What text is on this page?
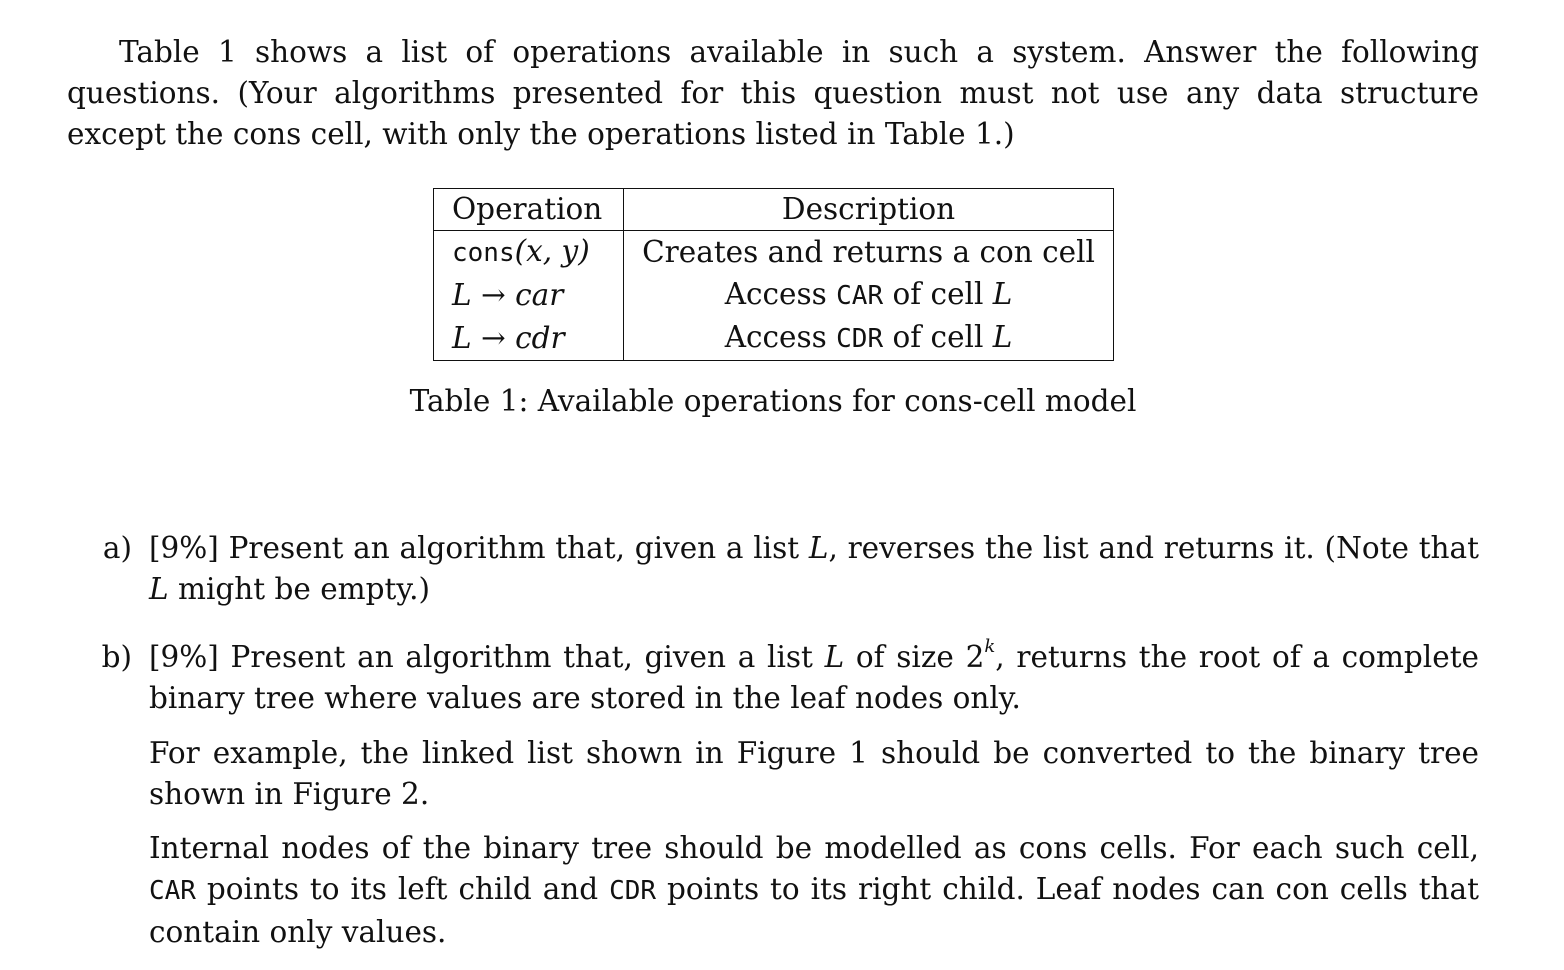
Table 1 shows a list of operations available in such a system. Answer the following questions. (Your algorithms presented for this question must not use any data structure except the cons cell, with only the operations listed in Table 1.)

Operation	Description
cons(x, y)	Creates and returns a con cell
L → car	Access CAR of cell L
L → cdr	Access CDR of cell L

Table 1: Available operations for cons-cell model

a) [9%] Present an algorithm that, given a list L, reverses the list and returns it. (Note that L might be empty.)

b) [9%] Present an algorithm that, given a list L of size 2$^k$, returns the root of a complete binary tree where values are stored in the leaf nodes only.

For example, the linked list shown in Figure 1 should be converted to the binary tree shown in Figure 2.

Internal nodes of the binary tree should be modelled as cons cells. For each such cell, CAR points to its left child and CDR points to its right child. Leaf nodes can con cells that contain only values.
